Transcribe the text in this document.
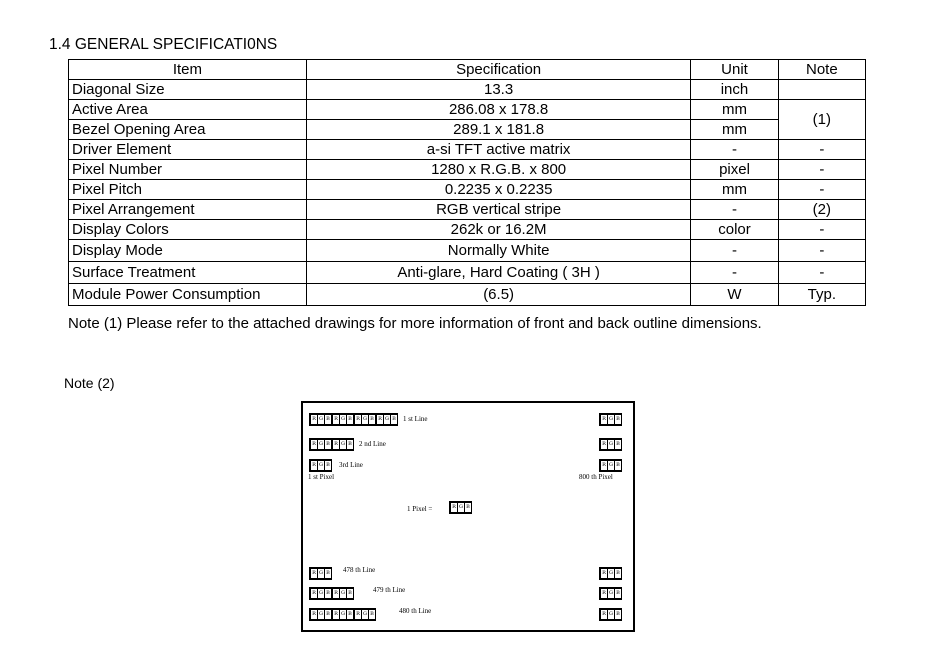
1.4 GENERAL SPECIFICATI0NS
Item	Specification	Unit	Note
Diagonal Size	13.3	inch	
Active Area	286.08 x 178.8	mm	(1)
Bezel Opening Area	289.1 x 181.8	mm	
Driver Element	a-si TFT active matrix	-	-
Pixel Number	1280 x R.G.B. x 800	pixel	-
Pixel Pitch	0.2235 x 0.2235	mm	-
Pixel Arrangement	RGB vertical stripe	-	(2)
Display Colors	262k or 16.2M	color	-
Display Mode	Normally White	-	-
Surface Treatment	Anti-glare, Hard Coating ( 3H )	-	-
Module Power Consumption	(6.5)	W	Typ.
Note (1) Please refer to the attached drawings for more information of front and back outline dimensions.
Note (2)
R G B R G B R G B R G B	1 st Line
R G B R G B	2 nd Line
R G B	3rd Line
1 st Pixel
R G B
R G B
R G B
800 th Pixel
1 Pixel =	R G B
R G B	478 th Line
R G B R G B	479 th Line
R G B R G B R G B	480 th Line
R G B
R G B
R G B
